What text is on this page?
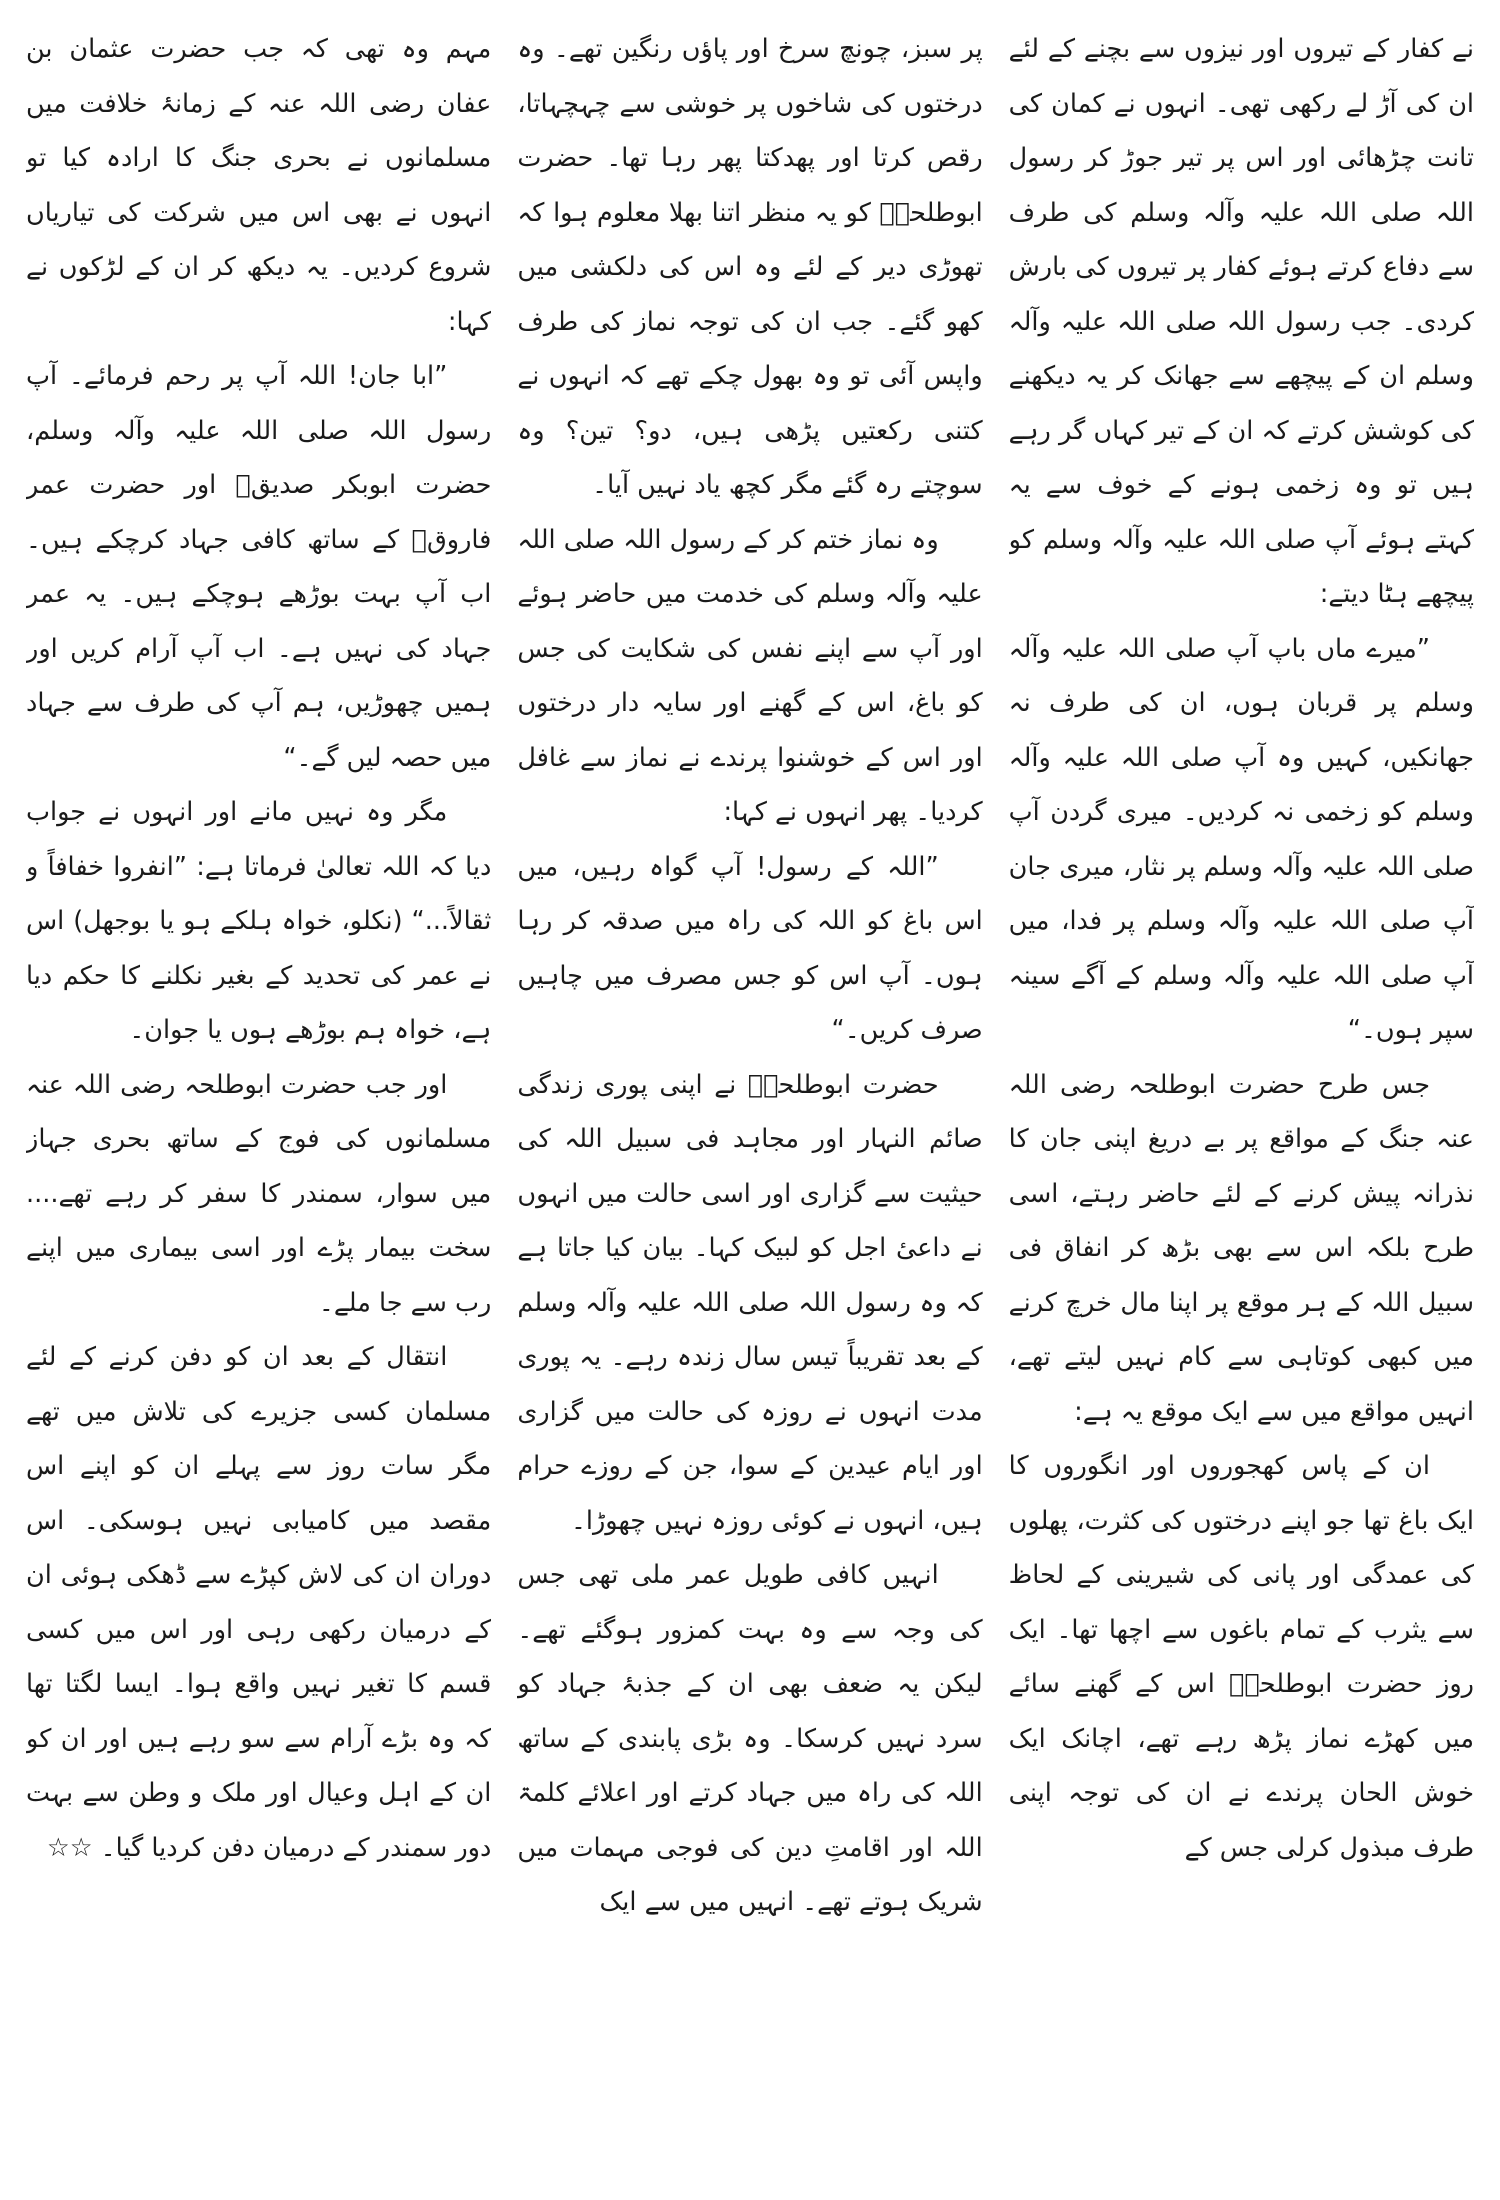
نے کفار کے تیروں اور نیزوں سے بچنے کے لئے ان کی آڑ لے رکھی تھی۔ انہوں نے کمان کی تانت چڑھائی اور اس پر تیر جوڑ کر رسول اللہ صلی اللہ علیہ وآلہ وسلم کی طرف سے دفاع کرتے ہوئے کفار پر تیروں کی بارش کردی۔ جب رسول اللہ صلی اللہ علیہ وآلہ وسلم ان کے پیچھے سے جھانک کر یہ دیکھنے کی کوشش کرتے کہ ان کے تیر کہاں گر رہے ہیں تو وہ زخمی ہونے کے خوف سے یہ کہتے ہوئے آپ صلی اللہ علیہ وآلہ وسلم کو پیچھے ہٹا دیتے:

”میرے ماں باپ آپ صلی اللہ علیہ وآلہ وسلم پر قربان ہوں، ان کی طرف نہ جھانکیں، کہیں وہ آپ صلی اللہ علیہ وآلہ وسلم کو زخمی نہ کردیں۔ میری گردن آپ صلی اللہ علیہ وآلہ وسلم پر نثار، میری جان آپ صلی اللہ علیہ وآلہ وسلم پر فدا، میں آپ صلی اللہ علیہ وآلہ وسلم کے آگے سینہ سپر ہوں۔“

جس طرح حضرت ابوطلحہ رضی اللہ عنہ جنگ کے مواقع پر بے دریغ اپنی جان کا نذرانہ پیش کرنے کے لئے حاضر رہتے، اسی طرح بلکہ اس سے بھی بڑھ کر انفاق فی سبیل اللہ کے ہر موقع پر اپنا مال خرچ کرنے میں کبھی کوتاہی سے کام نہیں لیتے تھے، انہیں مواقع میں سے ایک موقع یہ ہے:

ان کے پاس کھجوروں اور انگوروں کا ایک باغ تھا جو اپنے درختوں کی کثرت، پھلوں کی عمدگی اور پانی کی شیرینی کے لحاظ سے یثرب کے تمام باغوں سے اچھا تھا۔ ایک روز حضرت ابوطلحہؓ اس کے گھنے سائے میں کھڑے نماز پڑھ رہے تھے، اچانک ایک خوش الحان پرندے نے ان کی توجہ اپنی طرف مبذول کرلی جس کے

پر سبز، چونچ سرخ اور پاؤں رنگین تھے۔ وہ درختوں کی شاخوں پر خوشی سے چہچہاتا، رقص کرتا اور پھدکتا پھر رہا تھا۔ حضرت ابوطلحہؓ کو یہ منظر اتنا بھلا معلوم ہوا کہ تھوڑی دیر کے لئے وہ اس کی دلکشی میں کھو گئے۔ جب ان کی توجہ نماز کی طرف واپس آئی تو وہ بھول چکے تھے کہ انہوں نے کتنی رکعتیں پڑھی ہیں، دو؟ تین؟ وہ سوچتے رہ گئے مگر کچھ یاد نہیں آیا۔

وہ نماز ختم کر کے رسول اللہ صلی اللہ علیہ وآلہ وسلم کی خدمت میں حاضر ہوئے اور آپ سے اپنے نفس کی شکایت کی جس کو باغ، اس کے گھنے اور سایہ دار درختوں اور اس کے خوشنوا پرندے نے نماز سے غافل کردیا۔ پھر انہوں نے کہا:

”اللہ کے رسول! آپ گواہ رہیں، میں اس باغ کو اللہ کی راہ میں صدقہ کر رہا ہوں۔ آپ اس کو جس مصرف میں چاہیں صرف کریں۔“

حضرت ابوطلحہؓ نے اپنی پوری زندگی صائم النہار اور مجاہد فی سبیل اللہ کی حیثیت سے گزاری اور اسی حالت میں انہوں نے داعیٔ اجل کو لبیک کہا۔ بیان کیا جاتا ہے کہ وہ رسول اللہ صلی اللہ علیہ وآلہ وسلم کے بعد تقریباً تیس سال زندہ رہے۔ یہ پوری مدت انہوں نے روزہ کی حالت میں گزاری اور ایام عیدین کے سوا، جن کے روزے حرام ہیں، انہوں نے کوئی روزہ نہیں چھوڑا۔

انہیں کافی طویل عمر ملی تھی جس کی وجہ سے وہ بہت کمزور ہوگئے تھے۔ لیکن یہ ضعف بھی ان کے جذبۂ جہاد کو سرد نہیں کرسکا۔ وہ بڑی پابندی کے ساتھ اللہ کی راہ میں جہاد کرتے اور اعلائے کلمۃ اللہ اور اقامتِ دین کی فوجی مہمات میں شریک ہوتے تھے۔ انہیں میں سے ایک

مہم وہ تھی کہ جب حضرت عثمان بن عفان رضی اللہ عنہ کے زمانۂ خلافت میں مسلمانوں نے بحری جنگ کا ارادہ کیا تو انہوں نے بھی اس میں شرکت کی تیاریاں شروع کردیں۔ یہ دیکھ کر ان کے لڑکوں نے کہا:

”ابا جان! اللہ آپ پر رحم فرمائے۔ آپ رسول اللہ صلی اللہ علیہ وآلہ وسلم، حضرت ابوبکر صدیقؓ اور حضرت عمر فاروقؓ کے ساتھ کافی جہاد کرچکے ہیں۔ اب آپ بہت بوڑھے ہوچکے ہیں۔ یہ عمر جہاد کی نہیں ہے۔ اب آپ آرام کریں اور ہمیں چھوڑیں، ہم آپ کی طرف سے جہاد میں حصہ لیں گے۔“

مگر وہ نہیں مانے اور انہوں نے جواب دیا کہ اللہ تعالیٰ فرماتا ہے: ”انفروا خفافاً و ثقالاً...“ (نکلو، خواہ ہلکے ہو یا بوجھل) اس نے عمر کی تحدید کے بغیر نکلنے کا حکم دیا ہے، خواہ ہم بوڑھے ہوں یا جوان۔

اور جب حضرت ابوطلحہ رضی اللہ عنہ مسلمانوں کی فوج کے ساتھ بحری جہاز میں سوار، سمندر کا سفر کر رہے تھے.... سخت بیمار پڑے اور اسی بیماری میں اپنے رب سے جا ملے۔

انتقال کے بعد ان کو دفن کرنے کے لئے مسلمان کسی جزیرے کی تلاش میں تھے مگر سات روز سے پہلے ان کو اپنے اس مقصد میں کامیابی نہیں ہوسکی۔ اس دوران ان کی لاش کپڑے سے ڈھکی ہوئی ان کے درمیان رکھی رہی اور اس میں کسی قسم کا تغیر نہیں واقع ہوا۔ ایسا لگتا تھا کہ وہ بڑے آرام سے سو رہے ہیں اور ان کو ان کے اہل وعیال اور ملک و وطن سے بہت دور سمندر کے درمیان دفن کردیا گیا۔ ☆☆
